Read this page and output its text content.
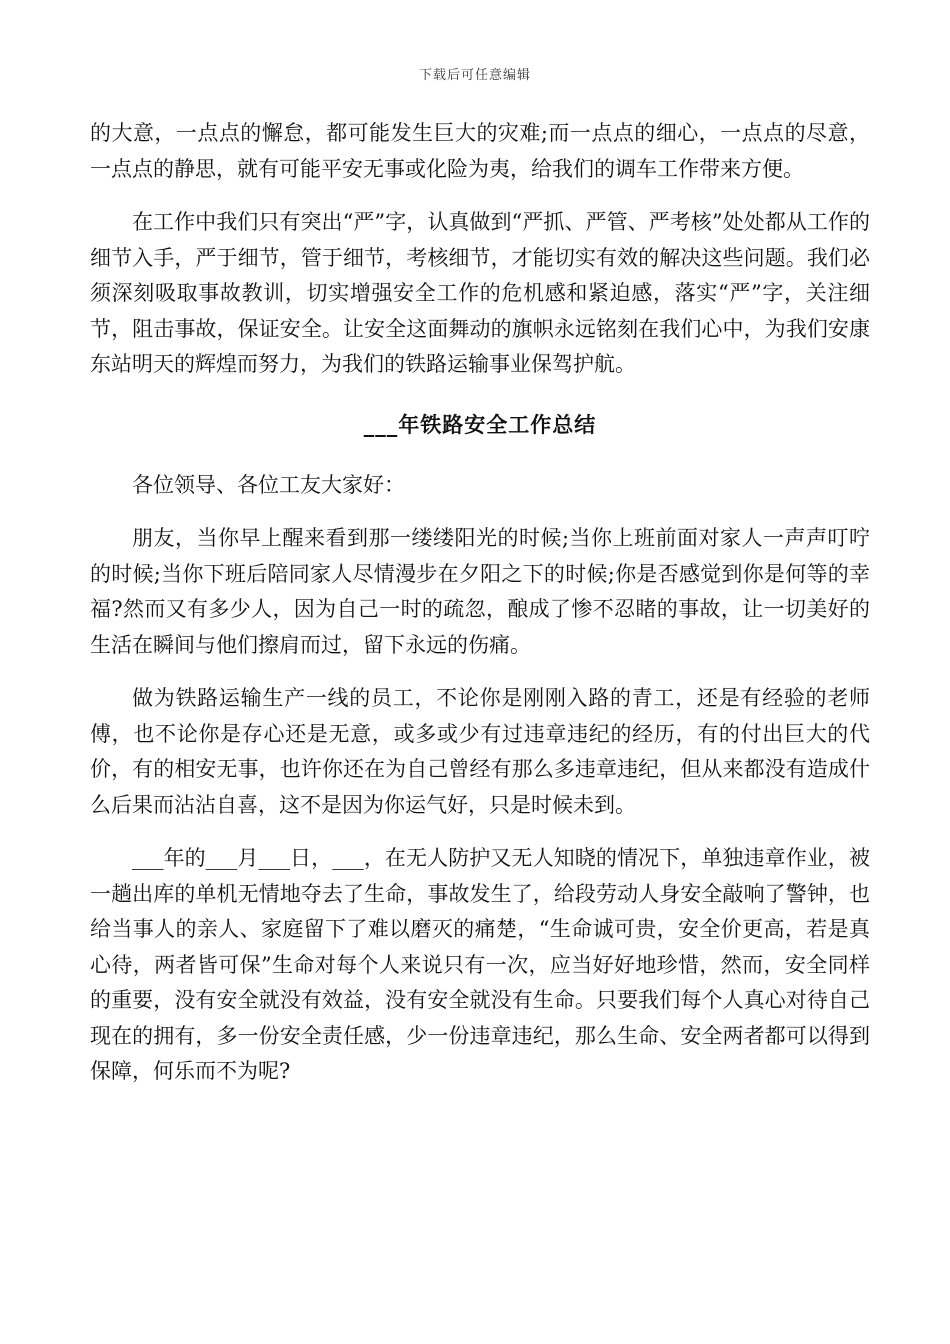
下载后可任意编辑

的大意，一点点的懈怠，都可能发生巨大的灾难;而一点点的细心，一点点的尽意，一点点的静思，就有可能平安无事或化险为夷，给我们的调车工作带来方便。

在工作中我们只有突出“严”字，认真做到“严抓、严管、严考核”处处都从工作的细节入手，严于细节，管于细节，考核细节，才能切实有效的解决这些问题。我们必须深刻吸取事故教训，切实增强安全工作的危机感和紧迫感，落实“严”字，关注细节，阻击事故，保证安全。让安全这面舞动的旗帜永远铭刻在我们心中，为我们安康东站明天的辉煌而努力，为我们的铁路运输事业保驾护航。

___年铁路安全工作总结

各位领导、各位工友大家好：

朋友，当你早上醒来看到那一缕缕阳光的时候;当你上班前面对家人一声声叮咛的时候;当你下班后陪同家人尽情漫步在夕阳之下的时候;你是否感觉到你是何等的幸福?然而又有多少人，因为自己一时的疏忽，酿成了惨不忍睹的事故，让一切美好的生活在瞬间与他们擦肩而过，留下永远的伤痛。

做为铁路运输生产一线的员工，不论你是刚刚入路的青工，还是有经验的老师傅，也不论你是存心还是无意，或多或少有过违章违纪的经历，有的付出巨大的代价，有的相安无事，也许你还在为自己曾经有那么多违章违纪，但从来都没有造成什么后果而沾沾自喜，这不是因为你运气好，只是时候未到。

___年的___月___日，___，在无人防护又无人知晓的情况下，单独违章作业，被一趟出库的单机无情地夺去了生命，事故发生了，给段劳动人身安全敲响了警钟，也给当事人的亲人、家庭留下了难以磨灭的痛楚，“生命诚可贵，安全价更高，若是真心待，两者皆可保”生命对每个人来说只有一次，应当好好地珍惜，然而，安全同样的重要，没有安全就没有效益，没有安全就没有生命。只要我们每个人真心对待自己现在的拥有，多一份安全责任感，少一份违章违纪，那么生命、安全两者都可以得到保障，何乐而不为呢?
